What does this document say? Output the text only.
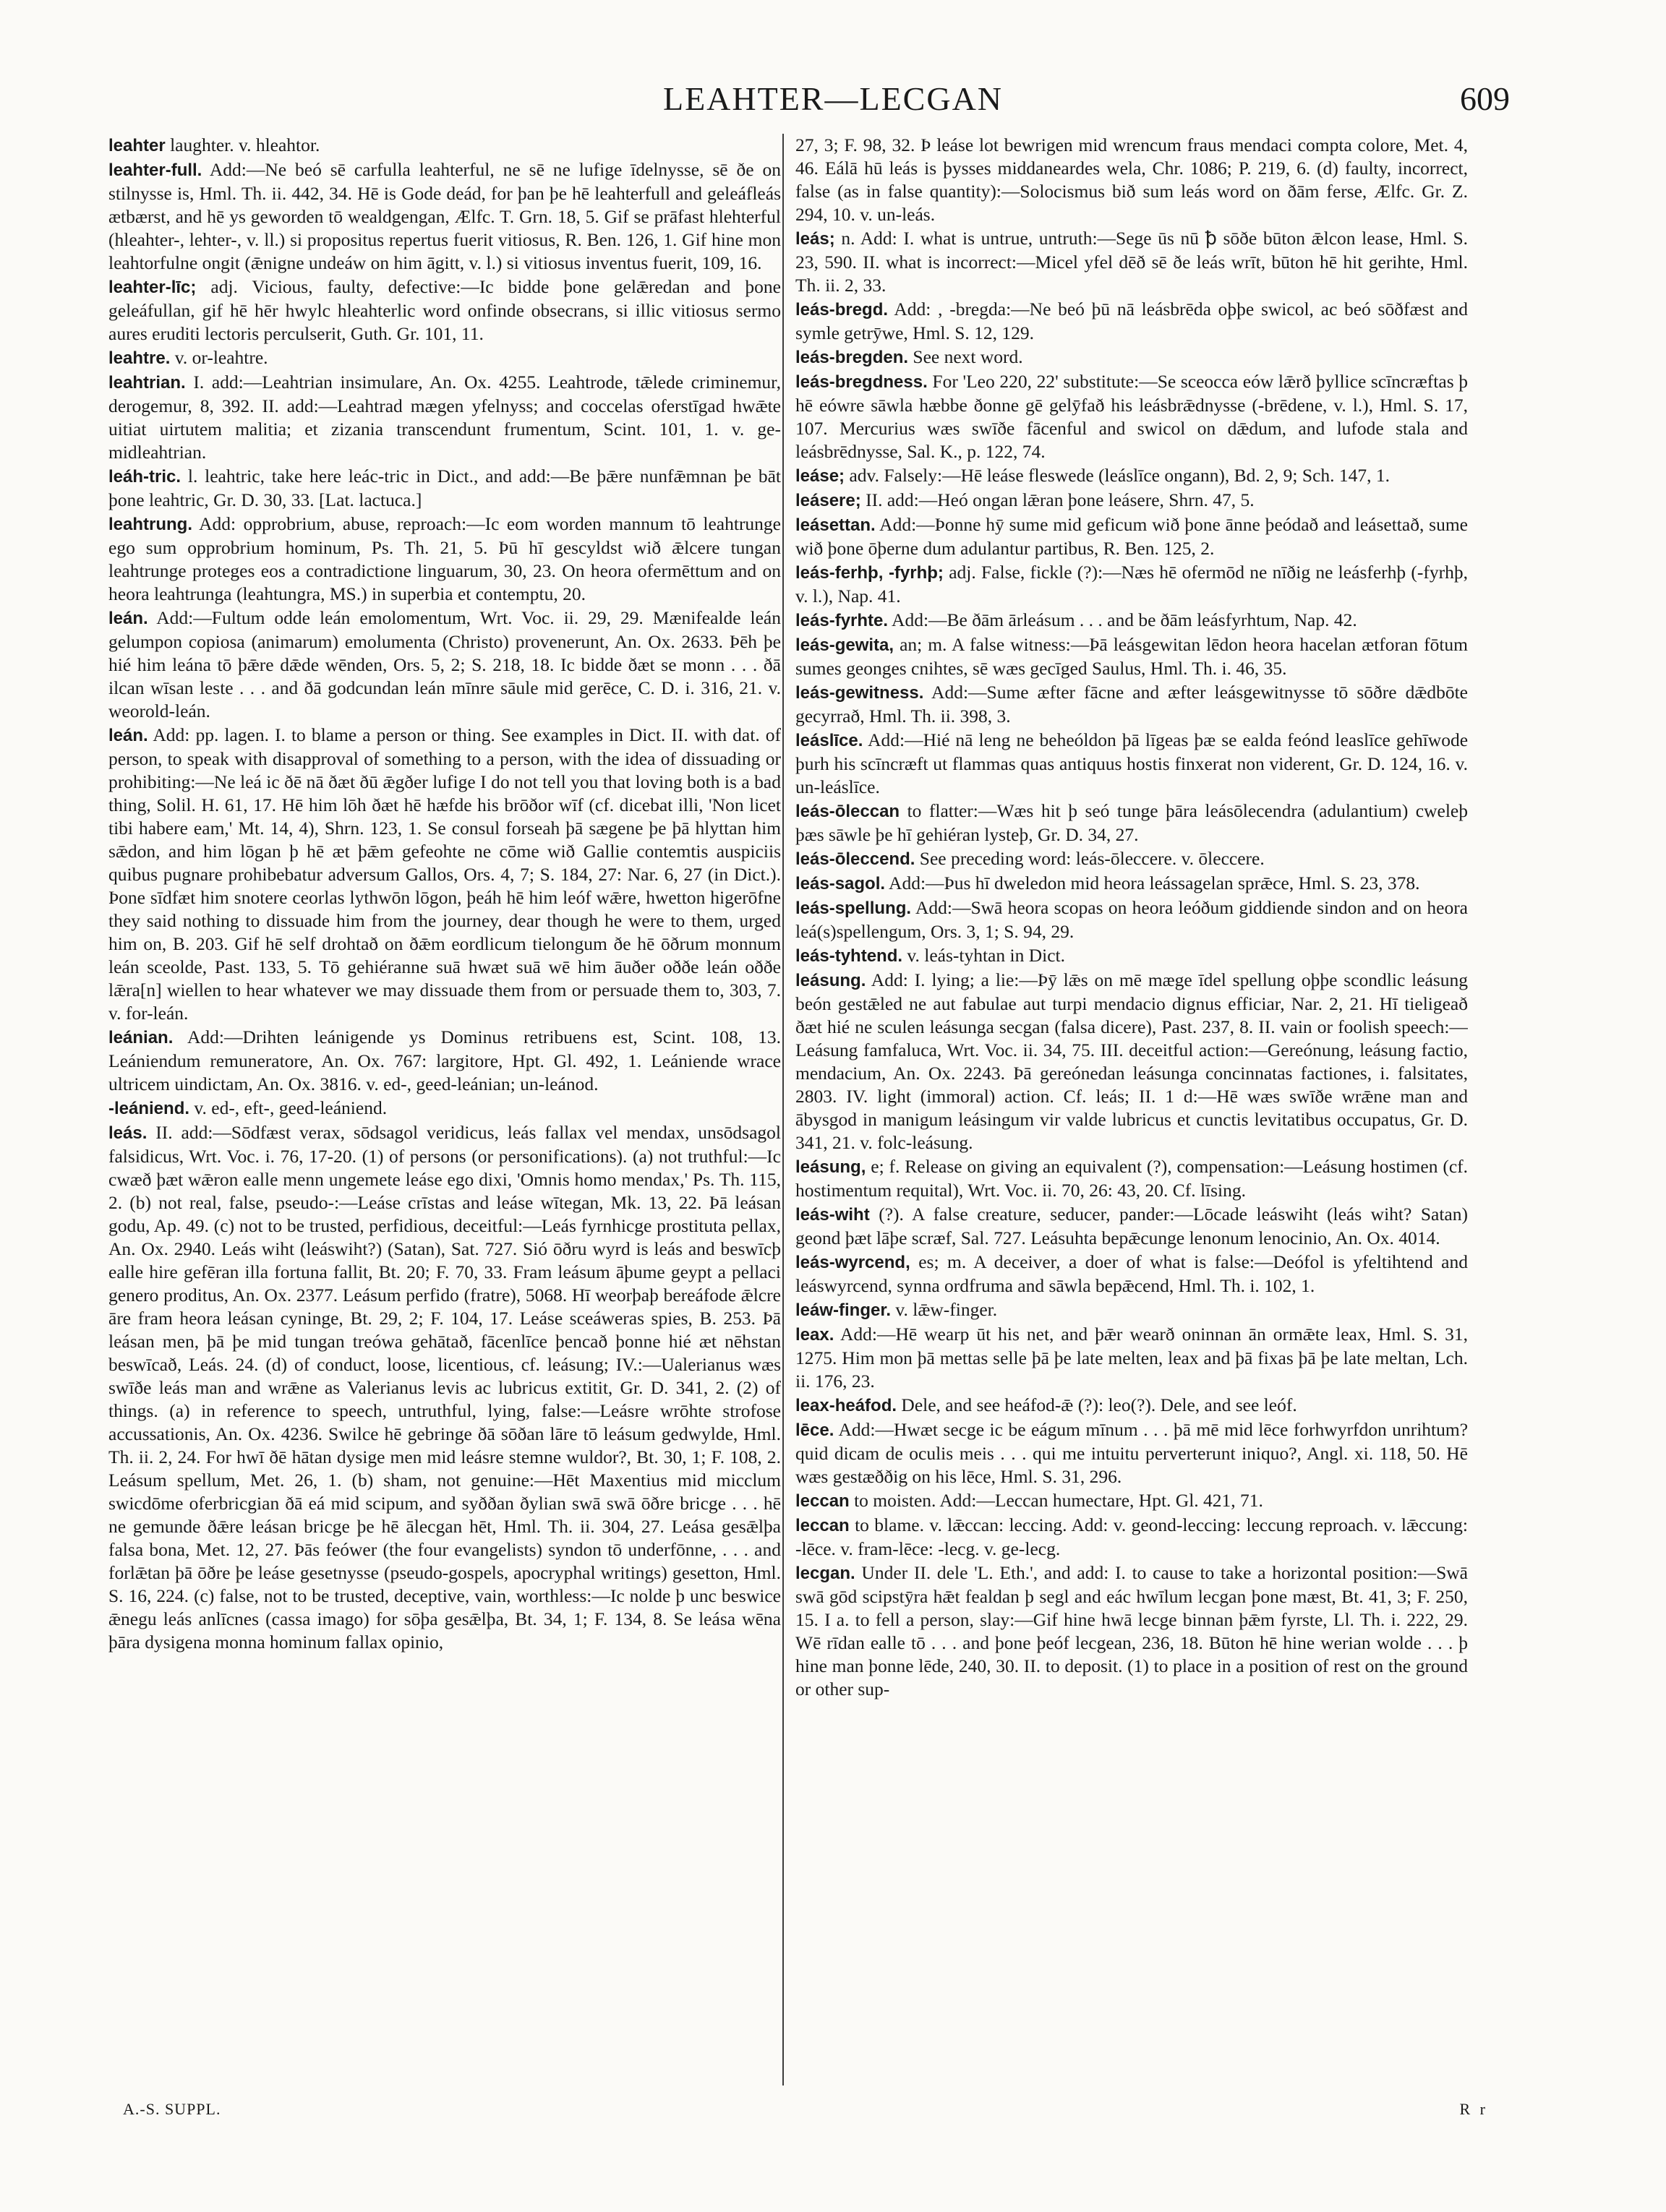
LEAHTER—LECGAN	609

leahter laughter. v. hleahtor.

leahter-full. Add:—Ne beó sē carfulla leahterful, ne sē ne lufige īdelnysse, sē ðe on stilnysse is, Hml. Th. ii. 442, 34. Hē is Gode deád, for þan þe hē leahterfull and geleáfleás ætbærst, and hē ys geworden tō wealdgengan, Ælfc. T. Grn. 18, 5. Gif se prāfast hlehterful (hleahter-, lehter-, v. ll.) si propositus repertus fuerit vitiosus, R. Ben. 126, 1. Gif hine mon leahtorfulne ongit (ǣnigne undeáw on him āgitt, v. l.) si vitiosus inventus fuerit, 109, 16.

leahter-līc; adj. Vicious, faulty, defective:—Ic bidde þone gelǣredan and þone geleáfullan, gif hē hēr hwylc hleahterlic word onfinde obsecrans, si illic vitiosus sermo aures eruditi lectoris perculserit, Guth. Gr. 101, 11.

leahtre. v. or-leahtre.

leahtrian. I. add:—Leahtrian insimulare, An. Ox. 4255. Leahtrode, tǣlede criminemur, derogemur, 8, 392. II. add:—Leahtrad mægen yfelnyss; and coccelas oferstīgad hwǣte uitiat uirtutem malitia; et zizania transcendunt frumentum, Scint. 101, 1. v. ge-midleahtrian.

leáh-tric. l. leahtric, take here leác-tric in Dict., and add:—Be þǣre nunfǣmnan þe bāt þone leahtric, Gr. D. 30, 33. [Lat. lactuca.]

leahtrung. Add: opprobrium, abuse, reproach:—Ic eom worden mannum tō leahtrunge ego sum opprobrium hominum, Ps. Th. 21, 5. Þū hī gescyldst wið ǣlcere tungan leahtrunge proteges eos a contradictione linguarum, 30, 23. On heora ofermēttum and on heora leahtrunga (leahtungra, MS.) in superbia et contemptu, 20.

leán. Add:—Fultum odde leán emolomentum, Wrt. Voc. ii. 29, 29. Mænifealde leán gelumpon copiosa (animarum) emolumenta (Christo) provenerunt, An. Ox. 2633. Þēh þe hié him leána tō þǣre dǣde wēnden, Ors. 5, 2; S. 218, 18. Ic bidde ðæt se monn . . . ðā ilcan wīsan leste . . . and ðā godcundan leán mīnre sāule mid gerēce, C. D. i. 316, 21. v. weorold-leán.

leán. Add: pp. lagen. I. to blame a person or thing. See examples in Dict. II. with dat. of person, to speak with disapproval of something to a person, with the idea of dissuading or prohibiting:—Ne leá ic ðē nā ðæt ðū ǣgðer lufige I do not tell you that loving both is a bad thing, Solil. H. 61, 17. Hē him lōh ðæt hē hæfde his brōðor wīf (cf. dicebat illi, 'Non licet tibi habere eam,' Mt. 14, 4), Shrn. 123, 1. Se consul forseah þā sægene þe þā hlyttan him sǣdon, and him lōgan þ hē æt þǣm gefeohte ne cōme wið Gallie contemtis auspiciis quibus pugnare prohibebatur adversum Gallos, Ors. 4, 7; S. 184, 27: Nar. 6, 27 (in Dict.). Þone sīdfæt him snotere ceorlas lythwōn lōgon, þeáh hē him leóf wǣre, hwetton higerōfne they said nothing to dissuade him from the journey, dear though he were to them, urged him on, B. 203. Gif hē self drohtað on ðǣm eordlicum tielongum ðe hē ōðrum monnum leán sceolde, Past. 133, 5. Tō gehiéranne suā hwæt suā wē him āuðer oððe leán oððe lǣra[n] wiellen to hear whatever we may dissuade them from or persuade them to, 303, 7. v. for-leán.

leánian. Add:—Drihten leánigende ys Dominus retribuens est, Scint. 108, 13. Leániendum remuneratore, An. Ox. 767: largitore, Hpt. Gl. 492, 1. Leániende wrace ultricem uindictam, An. Ox. 3816. v. ed-, geed-leánian; un-leánod.

-leániend. v. ed-, eft-, geed-leániend.

leás. II. add:—Sōdfæst verax, sōdsagol veridicus, leás fallax vel mendax, unsōdsagol falsidicus, Wrt. Voc. i. 76, 17-20. (1) of persons (or personifications). (a) not truthful:—Ic cwæð þæt wǣron ealle menn ungemete leáse ego dixi, 'Omnis homo mendax,' Ps. Th. 115, 2. (b) not real, false, pseudo-:—Leáse crīstas and leáse wītegan, Mk. 13, 22. Þā leásan godu, Ap. 49. (c) not to be trusted, perfidious, deceitful:—Leás fyrnhicge prostituta pellax, An. Ox. 2940. Leás wiht (leáswiht?) (Satan), Sat. 727. Sió ōðru wyrd is leás and beswīcþ ealle hire gefēran illa fortuna fallit, Bt. 20; F. 70, 33. Fram leásum āþume geypt a pellaci genero proditus, An. Ox. 2377. Leásum perfido (fratre), 5068. Hī weorþaþ bereáfode ǣlcre āre fram heora leásan cyninge, Bt. 29, 2; F. 104, 17. Leáse sceáweras spies, B. 253. Þā leásan men, þā þe mid tungan treówa gehātað, fācenlīce þencað þonne hié æt nēhstan beswīcað, Leás. 24. (d) of conduct, loose, licentious, cf. leásung; IV.:—Ualerianus wæs swīðe leás man and wrǣne as Valerianus levis ac lubricus extitit, Gr. D. 341, 2. (2) of things. (a) in reference to speech, untruthful, lying, false:—Leásre wrōhte strofose accussationis, An. Ox. 4236. Swilce hē gebringe ðā sōðan lāre tō leásum gedwylde, Hml. Th. ii. 2, 24. For hwī ðē hātan dysige men mid leásre stemne wuldor?, Bt. 30, 1; F. 108, 2. Leásum spellum, Met. 26, 1. (b) sham, not genuine:—Hēt Maxentius mid micclum swicdōme oferbricgian ðā eá mid scipum, and syððan ðylian swā swā ōðre bricge . . . hē ne gemunde ðǣre leásan bricge þe hē ālecgan hēt, Hml. Th. ii. 304, 27. Leása gesǣlþa falsa bona, Met. 12, 27. Þās feówer (the four evangelists) syndon tō underfōnne, . . . and forlǣtan þā ōðre þe leáse gesetnysse (pseudo-gospels, apocryphal writings) gesetton, Hml. S. 16, 224. (c) false, not to be trusted, deceptive, vain, worthless:—Ic nolde þ unc beswice ǣnegu leás anlīcnes (cassa imago) for sōþa gesǣlþa, Bt. 34, 1; F. 134, 8. Se leása wēna þāra dysigena monna hominum fallax opinio,

27, 3; F. 98, 32. Þ leáse lot bewrigen mid wrencum fraus mendaci compta colore, Met. 4, 46. Eálā hū leás is þysses middaneardes wela, Chr. 1086; P. 219, 6. (d) faulty, incorrect, false (as in false quantity):—Solocismus bið sum leás word on ðām ferse, Ælfc. Gr. Z. 294, 10. v. un-leás.

leás; n. Add: I. what is untrue, untruth:—Sege ūs nū ꝥ sōðe būton ǣlcon lease, Hml. S. 23, 590. II. what is incorrect:—Micel yfel dēð sē ðe leás wrīt, būton hē hit gerihte, Hml. Th. ii. 2, 33.

leás-bregd. Add: , -bregda:—Ne beó þū nā leásbrēda oþþe swicol, ac beó sōðfæst and symle getrȳwe, Hml. S. 12, 129.

leás-bregden. See next word.

leás-bregdness. For 'Leo 220, 22' substitute:—Se sceocca eów lǣrð þyllice scīncræftas þ hē eówre sāwla hæbbe ðonne gē gelȳfað his leásbrǣdnysse (-brēdene, v. l.), Hml. S. 17, 107. Mercurius wæs swīðe fācenful and swicol on dǣdum, and lufode stala and leásbrēdnysse, Sal. K., p. 122, 74.

leáse; adv. Falsely:—Hē leáse fleswede (leáslīce ongann), Bd. 2, 9; Sch. 147, 1.

leásere; II. add:—Heó ongan lǣran þone leásere, Shrn. 47, 5.

leásettan. Add:—Þonne hȳ sume mid geficum wið þone ānne þeódað and leásettað, sume wið þone ōþerne dum adulantur partibus, R. Ben. 125, 2.

leás-ferhþ, -fyrhþ; adj. False, fickle (?):—Næs hē ofermōd ne nīðig ne leásferhþ (-fyrhþ, v. l.), Nap. 41.

leás-fyrhte. Add:—Be ðām ārleásum . . . and be ðām leásfyrhtum, Nap. 42.

leás-gewita, an; m. A false witness:—Þā leásgewitan lēdon heora hacelan ætforan fōtum sumes geonges cnihtes, sē wæs gecīged Saulus, Hml. Th. i. 46, 35.

leás-gewitness. Add:—Sume æfter fācne and æfter leásgewitnysse tō sōðre dǣdbōte gecyrrað, Hml. Th. ii. 398, 3.

leáslīce. Add:—Hié nā leng ne beheóldon þā līgeas þæ se ealda feónd leaslīce gehīwode þurh his scīncræft ut flammas quas antiquus hostis finxerat non viderent, Gr. D. 124, 16. v. un-leáslīce.

leás-ōleccan to flatter:—Wæs hit þ seó tunge þāra leásōlecendra (adulantium) cweleþ þæs sāwle þe hī gehiéran lysteþ, Gr. D. 34, 27.

leás-ōleccend. See preceding word: leás-ōleccere. v. ōleccere.

leás-sagol. Add:—Þus hī dweledon mid heora leássagelan sprǣce, Hml. S. 23, 378.

leás-spellung. Add:—Swā heora scopas on heora leóðum giddiende sindon and on heora leá(s)spellengum, Ors. 3, 1; S. 94, 29.

leás-tyhtend. v. leás-tyhtan in Dict.

leásung. Add: I. lying; a lie:—Þȳ lǣs on mē mæge īdel spellung oþþe scondlic leásung beón gestǣled ne aut fabulae aut turpi mendacio dignus efficiar, Nar. 2, 21. Hī tieligeað ðæt hié ne sculen leásunga secgan (falsa dicere), Past. 237, 8. II. vain or foolish speech:—Leásung famfaluca, Wrt. Voc. ii. 34, 75. III. deceitful action:—Gereónung, leásung factio, mendacium, An. Ox. 2243. Þā gereónedan leásunga concinnatas factiones, i. falsitates, 2803. IV. light (immoral) action. Cf. leás; II. 1 d:—Hē wæs swīðe wrǣne man and ābysgod in manigum leásingum vir valde lubricus et cunctis levitatibus occupatus, Gr. D. 341, 21. v. folc-leásung.

leásung, e; f. Release on giving an equivalent (?), compensation:—Leásung hostimen (cf. hostimentum requital), Wrt. Voc. ii. 70, 26: 43, 20. Cf. līsing.

leás-wiht (?). A false creature, seducer, pander:—Lōcade leáswiht (leás wiht? Satan) geond þæt lāþe scræf, Sal. 727. Leásuhta bepǣcunge lenonum lenocinio, An. Ox. 4014.

leás-wyrcend, es; m. A deceiver, a doer of what is false:—Deófol is yfeltihtend and leáswyrcend, synna ordfruma and sāwla bepǣcend, Hml. Th. i. 102, 1.

leáw-finger. v. lǣw-finger.

leax. Add:—Hē wearp ūt his net, and þǣr wearð oninnan ān ormǣte leax, Hml. S. 31, 1275. Him mon þā mettas selle þā þe late melten, leax and þā fixas þā þe late meltan, Lch. ii. 176, 23.

leax-heáfod. Dele, and see heáfod-ǣ (?): leo(?). Dele, and see leóf.

lēce. Add:—Hwæt secge ic be eágum mīnum . . . þā mē mid lēce forhwyrfdon unrihtum? quid dicam de oculis meis . . . qui me intuitu perverterunt iniquo?, Angl. xi. 118, 50. Hē wæs gestæððig on his lēce, Hml. S. 31, 296.

leccan to moisten. Add:—Leccan humectare, Hpt. Gl. 421, 71.

leccan to blame. v. lǣccan: leccing. Add: v. geond-leccing: leccung reproach. v. lǣccung: -lēce. v. fram-lēce: -lecg. v. ge-lecg.

lecgan. Under II. dele 'L. Eth.', and add: I. to cause to take a horizontal position:—Swā swā gōd scipstȳra hǣt fealdan þ segl and eác hwīlum lecgan þone mæst, Bt. 41, 3; F. 250, 15. I a. to fell a person, slay:—Gif hine hwā lecge binnan þǣm fyrste, Ll. Th. i. 222, 29. Wē rīdan ealle tō . . . and þone þeóf lecgean, 236, 18. Būton hē hine werian wolde . . . þ hine man þonne lēde, 240, 30. II. to deposit. (1) to place in a position of rest on the ground or other sup-

A.-S. SUPPL.	R r
